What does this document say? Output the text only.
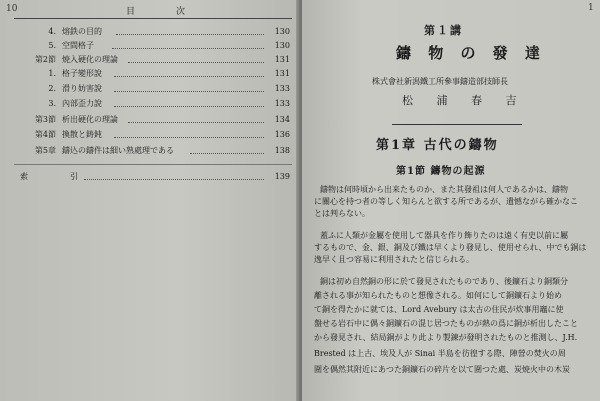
10	目　　　　次
4. 熔鉄の目的	130
5. 空間格子	130
第2節 焼入硬化の理論	131
1. 格子變形說	131
2. 滑り妨害說	133
3. 內部歪力說	133
第3節 析出硬化の理論	134
第4節 換散と鋳鈍	136
第5章 鑄込の鑄件は細い熟處理である	138
索	引	139
1
第１講
鑄 物 の 發 達
株式會社新潟鐵工所參事鑄造部技師長
松 浦 春 吉
第1章 古代の鑄物
第1節 鑄物の起源
鑄物は何時頃から出来たものか、また其發祖は何人であるかは、鑄物
に關心を持つ者の等しく知らんと欲する所であるが、遺憾ながら確かなこ
とは判らない。
蓋ふに人類が金屬を使用して器具を作り飾りたのは遠く有史以前に屬
するもので、金、銀、銅及び鐵は早くより發見し、使用せられ、中でも銅は
逸早く且つ容易に利用されたと信じられる。
銅は初め自然銅の形に於て發見されたものであり、後鑛石より銅類分
離される事が知られたものと想像される。如何にして銅鑛石より始め
て銅を得たかに就ては、Lord Avebury は太古の住民が炊事用竈に使
盤せる岩石中に偶々銅鑛石の混じ居つたものが熱の爲に銅が析出したこと
から發見され、結局銅がより此より製錬が發明されたものと推測し、J.H.
Brested は上古、埃及人が Sinai 半島を彷徨する際、陣營の焚火の周
圍を偶然其附近にあつた銅鑛石の碎片を以て圍つた處、炭焼火中の木炭
